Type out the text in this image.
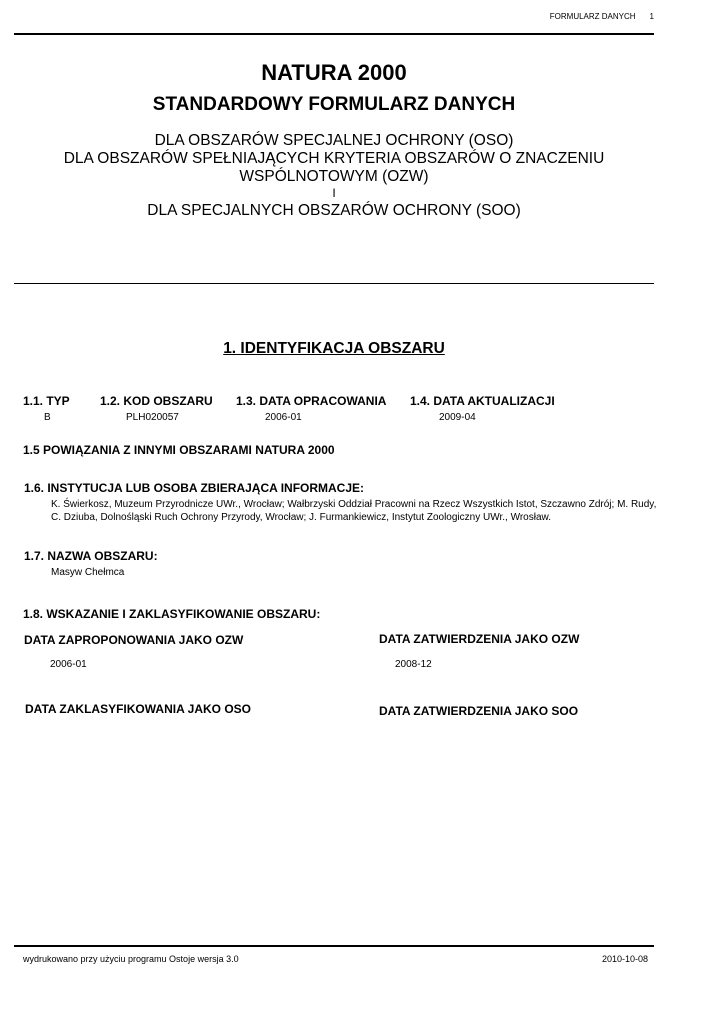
FORMULARZ DANYCH 1
NATURA 2000
STANDARDOWY FORMULARZ DANYCH
DLA OBSZARÓW SPECJALNEJ OCHRONY (OSO)
DLA OBSZARÓW SPEŁNIAJĄCYCH KRYTERIA OBSZARÓW O ZNACZENIU
WSPÓLNOTOWYM (OZW)
I
DLA SPECJALNYCH OBSZARÓW OCHRONY (SOO)
1. IDENTYFIKACJA OBSZARU
1.1. TYP
B
1.2. KOD OBSZARU
PLH020057
1.3. DATA OPRACOWANIA
2006-01
1.4. DATA AKTUALIZACJI
2009-04
1.5 POWIĄZANIA Z INNYMI OBSZARAMI NATURA 2000
1.6. INSTYTUCJA LUB OSOBA ZBIERAJĄCA INFORMACJE:
K. Świerkosz, Muzeum Przyrodnicze UWr., Wrocław; Wałbrzyski Oddział Pracowni na Rzecz Wszystkich Istot, Szczawno Zdrój; M. Rudy, C. Dziuba, Dolnośląski Ruch Ochrony Przyrody, Wrocław; J. Furmankiewicz, Instytut Zoologiczny UWr., Wrosław.
1.7. NAZWA OBSZARU:
Masyw Chełmca
1.8. WSKAZANIE I ZAKLASYFIKOWANIE OBSZARU:
DATA ZAPROPONOWANIA JAKO OZW
2006-01
DATA ZATWIERDZENIA JAKO OZW
2008-12
DATA ZAKLASYFIKOWANIA JAKO OSO	DATA ZATWIERDZENIA JAKO SOO
wydrukowano przy użyciu programu Ostoje wersja 3.0	2010-10-08
